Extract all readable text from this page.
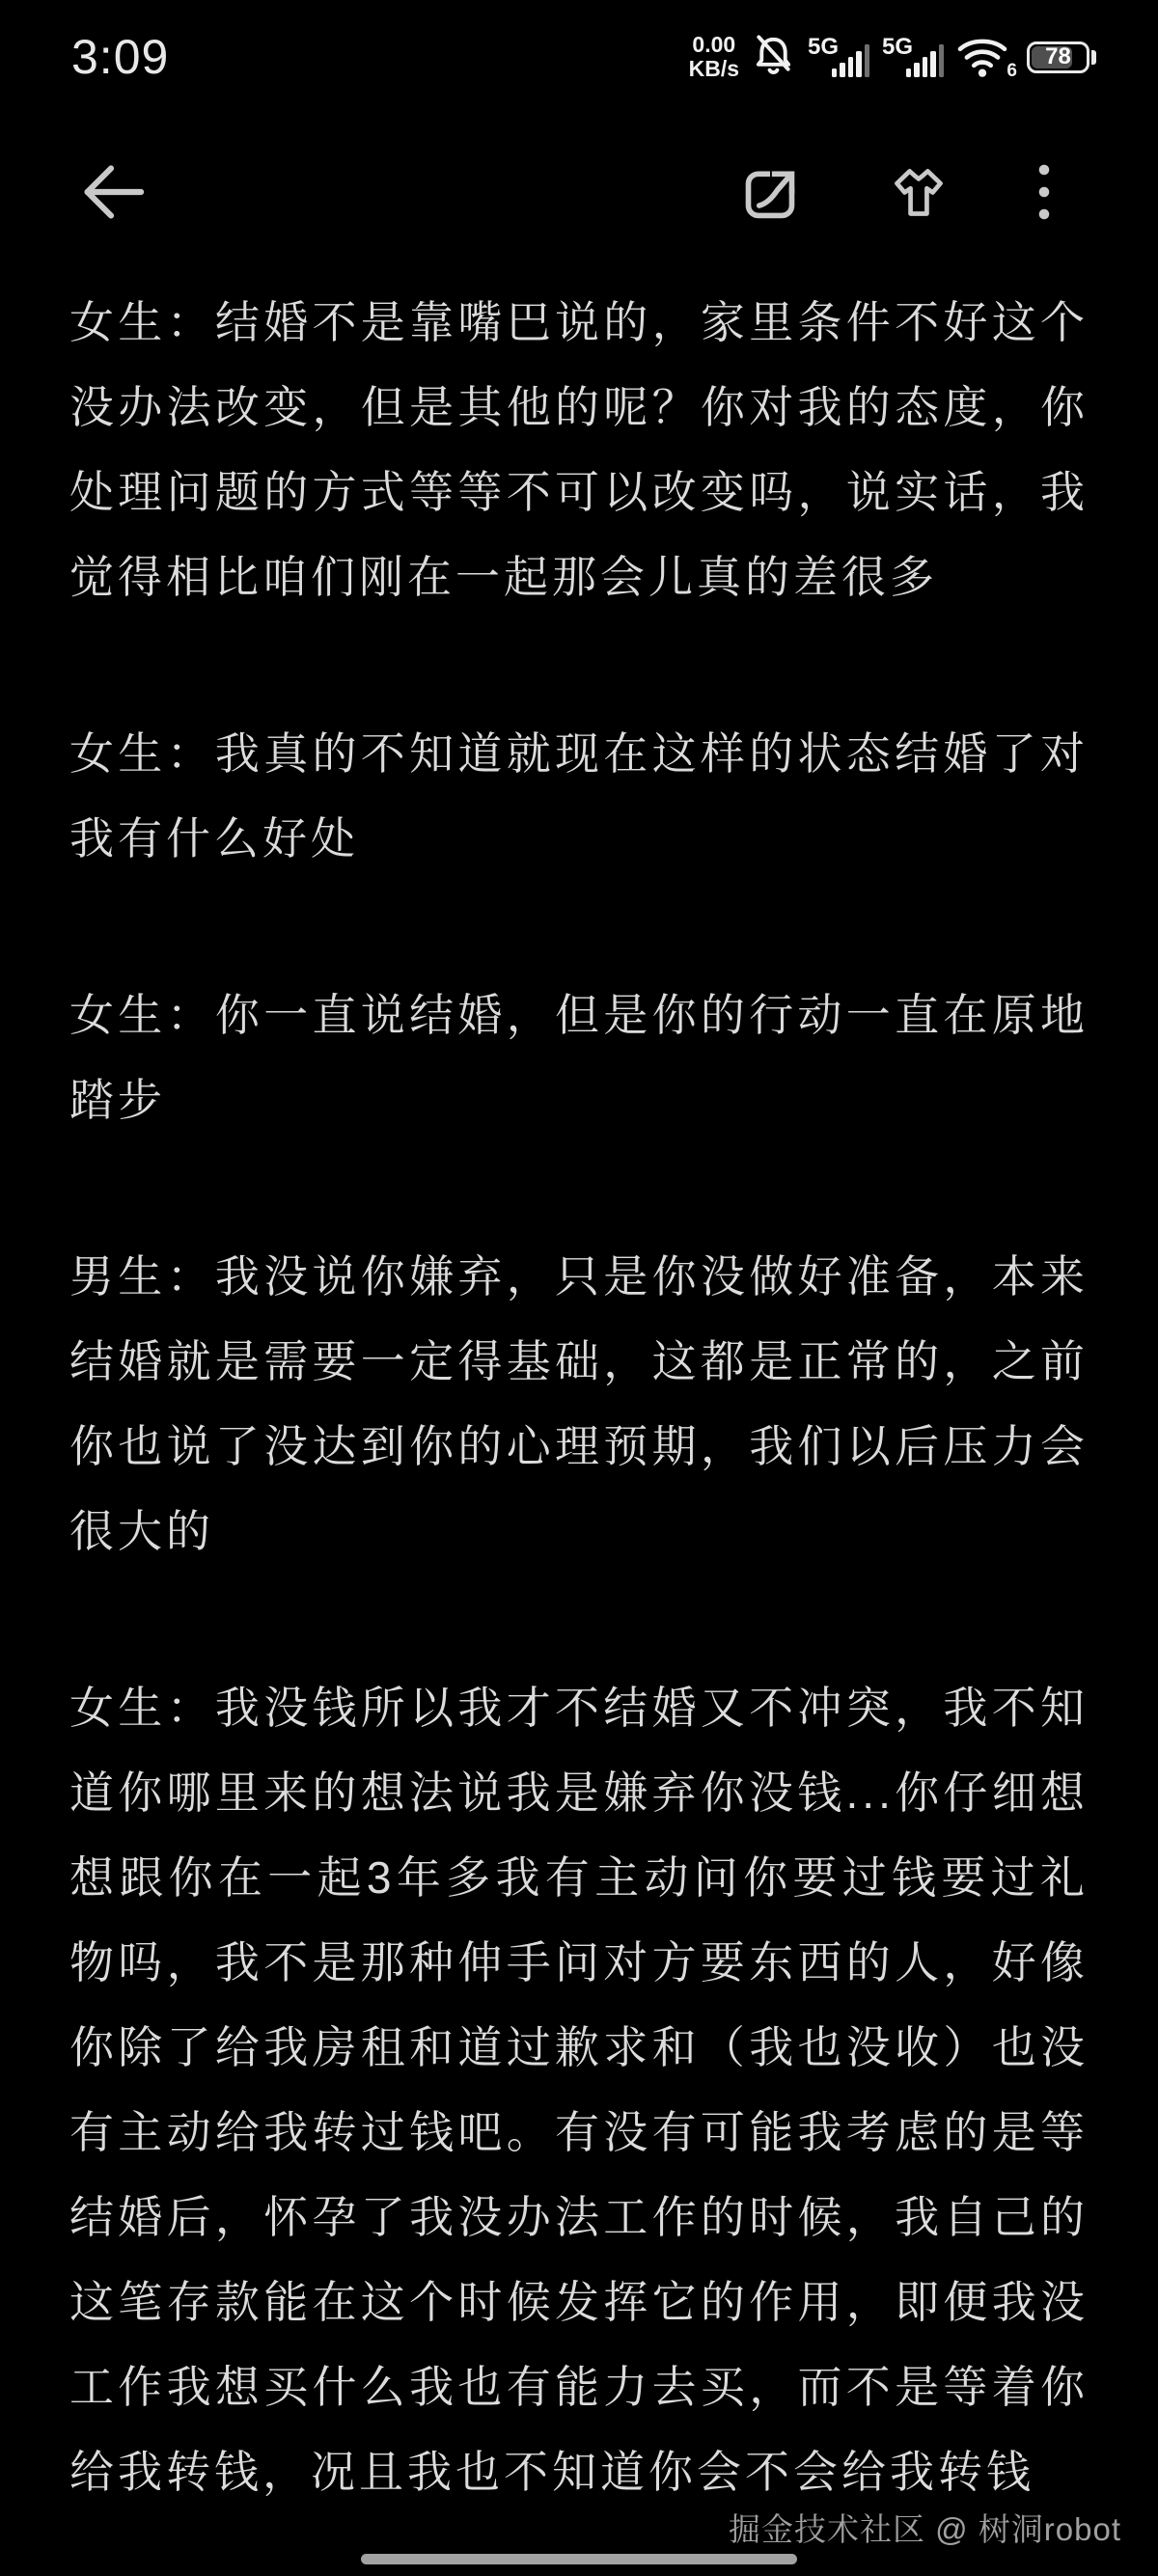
3:09	0.00
KB/s
5G 5G
6
78

女生：结婚不是靠嘴巴说的，家里条件不好这个没办法改变，但是其他的呢？你对我的态度，你处理问题的方式等等不可以改变吗，说实话，我觉得相比咱们刚在一起那会儿真的差很多

女生：我真的不知道就现在这样的状态结婚了对我有什么好处

女生：你一直说结婚，但是你的行动一直在原地踏步

男生：我没说你嫌弃，只是你没做好准备，本来结婚就是需要一定得基础，这都是正常的，之前你也说了没达到你的心理预期，我们以后压力会很大的

女生：我没钱所以我才不结婚又不冲突，我不知道你哪里来的想法说我是嫌弃你没钱...你仔细想想跟你在一起3年多我有主动问你要过钱要过礼物吗，我不是那种伸手问对方要东西的人，好像你除了给我房租和道过歉求和（我也没收）也没有主动给我转过钱吧。有没有可能我考虑的是等结婚后，怀孕了我没办法工作的时候，我自己的这笔存款能在这个时候发挥它的作用，即便我没工作我想买什么我也有能力去买，而不是等着你给我转钱，况且我也不知道你会不会给我转钱

掘金技术社区 @ 树洞robot
